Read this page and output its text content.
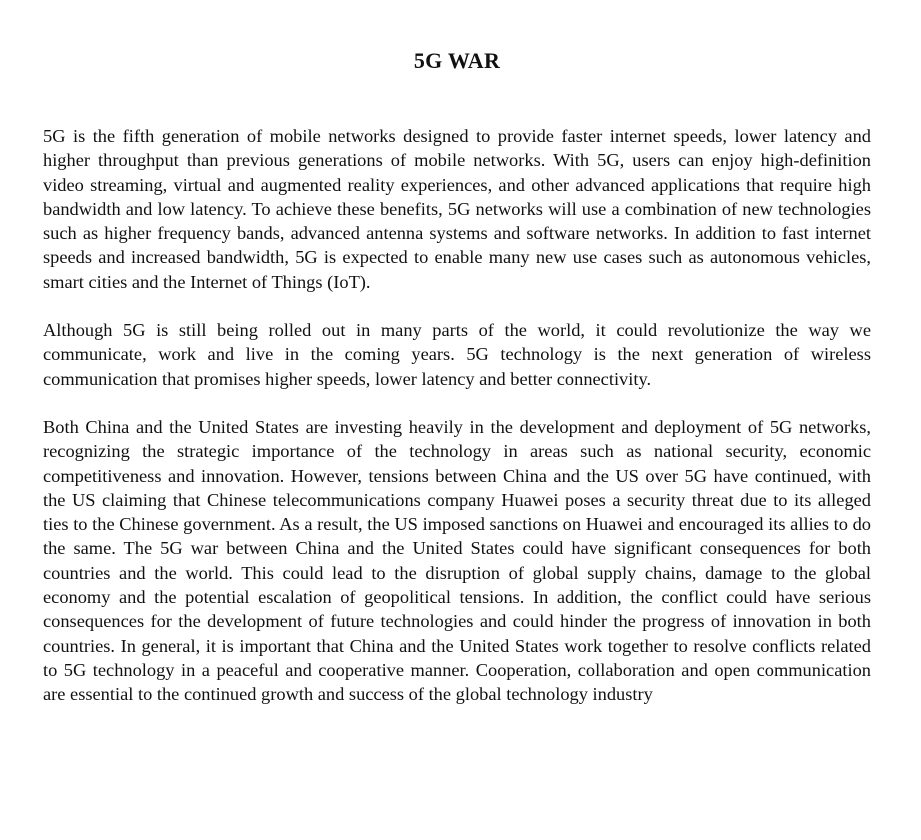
5G WAR

5G is the fifth generation of mobile networks designed to provide faster internet speeds, lower latency and higher throughput than previous generations of mobile networks. With 5G, users can enjoy high-definition video streaming, virtual and augmented reality experiences, and other advanced applications that require high bandwidth and low latency. To achieve these benefits, 5G networks will use a combination of new technologies such as higher frequency bands, advanced antenna systems and software networks. In addition to fast internet speeds and increased bandwidth, 5G is expected to enable many new use cases such as autonomous vehicles, smart cities and the Internet of Things (IoT).

Although 5G is still being rolled out in many parts of the world, it could revolutionize the way we communicate, work and live in the coming years. 5G technology is the next generation of wireless communication that promises higher speeds, lower latency and better connectivity.

Both China and the United States are investing heavily in the development and deployment of 5G networks, recognizing the strategic importance of the technology in areas such as national security, economic competitiveness and innovation. However, tensions between China and the US over 5G have continued, with the US claiming that Chinese telecommunications company Huawei poses a security threat due to its alleged ties to the Chinese government. As a result, the US imposed sanctions on Huawei and encouraged its allies to do the same. The 5G war between China and the United States could have significant consequences for both countries and the world. This could lead to the disruption of global supply chains, damage to the global economy and the potential escalation of geopolitical tensions. In addition, the conflict could have serious consequences for the development of future technologies and could hinder the progress of innovation in both countries. In general, it is important that China and the United States work together to resolve conflicts related to 5G technology in a peaceful and cooperative manner. Cooperation, collaboration and open communication are essential to the continued growth and success of the global technology industry
